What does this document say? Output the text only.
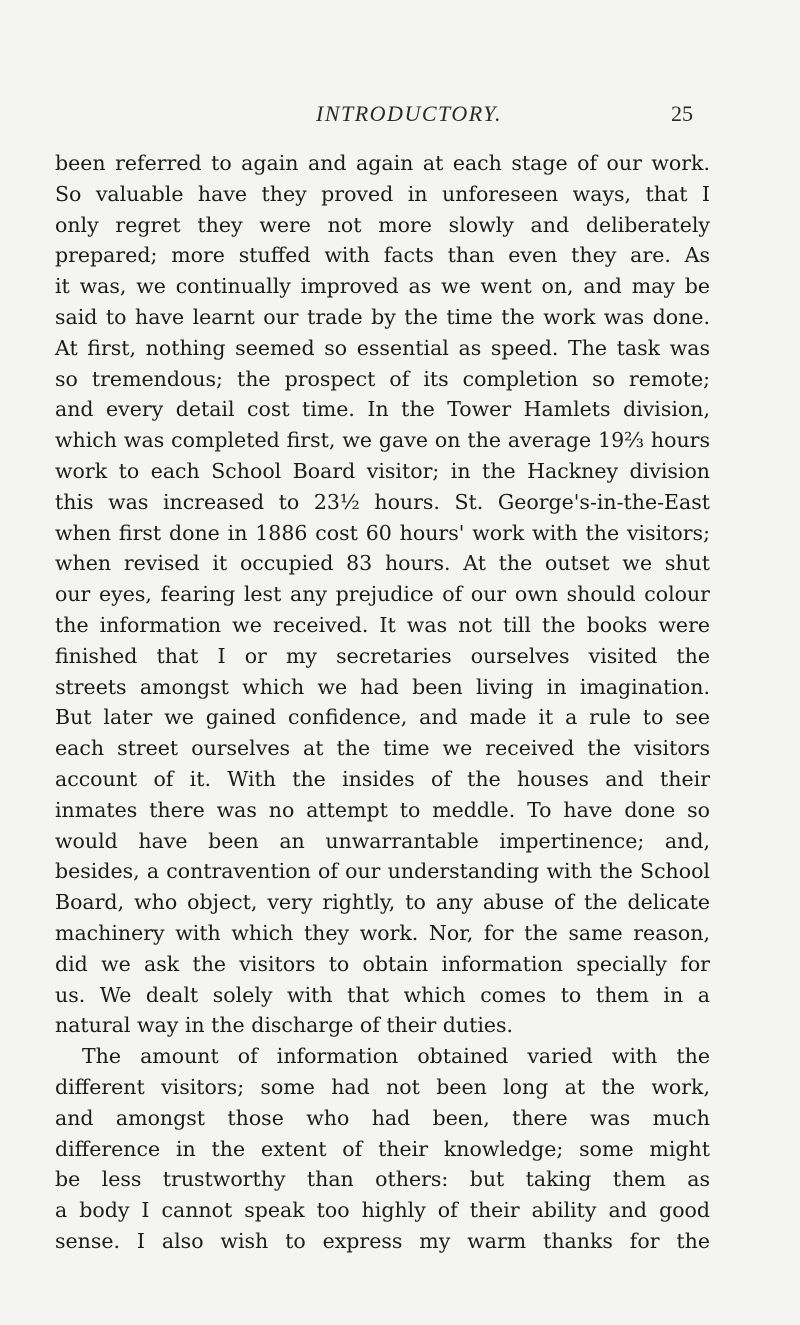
INTRODUCTORY.	25
been referred to again and again at each stage of our work.
So valuable have they proved in unforeseen ways, that I
only regret they were not more slowly and deliberately
prepared; more stuffed with facts than even they are. As
it was, we continually improved as we went on, and may be
said to have learnt our trade by the time the work was done.
At first, nothing seemed so essential as speed. The task was
so tremendous; the prospect of its completion so remote;
and every detail cost time. In the Tower Hamlets division,
which was completed first, we gave on the average 19⅔ hours
work to each School Board visitor; in the Hackney division
this was increased to 23½ hours. St. George's-in-the-East
when first done in 1886 cost 60 hours' work with the visitors;
when revised it occupied 83 hours. At the outset we shut
our eyes, fearing lest any prejudice of our own should colour
the information we received. It was not till the books were
finished that I or my secretaries ourselves visited the
streets amongst which we had been living in imagination.
But later we gained confidence, and made it a rule to see
each street ourselves at the time we received the visitors
account of it. With the insides of the houses and their
inmates there was no attempt to meddle. To have done so
would have been an unwarrantable impertinence; and,
besides, a contravention of our understanding with the School
Board, who object, very rightly, to any abuse of the delicate
machinery with which they work. Nor, for the same reason,
did we ask the visitors to obtain information specially for
us. We dealt solely with that which comes to them in a
natural way in the discharge of their duties.
The amount of information obtained varied with the
different visitors; some had not been long at the work,
and amongst those who had been, there was much
difference in the extent of their knowledge; some might
be less trustworthy than others: but taking them as
a body I cannot speak too highly of their ability and good
sense. I also wish to express my warm thanks for the
